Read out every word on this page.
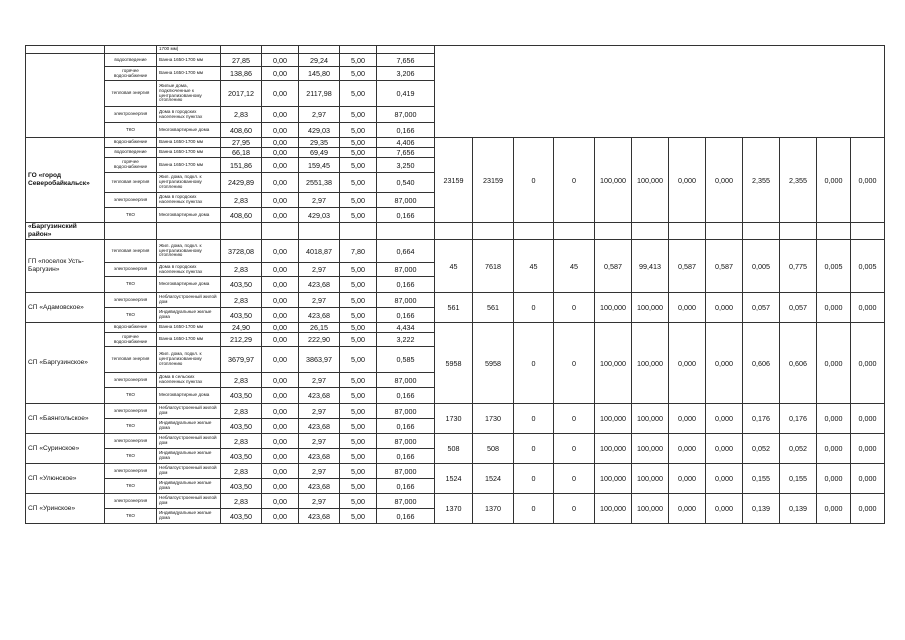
		1700 мм)																	
	водоотведение	Ванна 1650-1700 мм	27,85	0,00	29,24	5,00	7,656												
	горячее водоснабжение	Ванна 1650-1700 мм	138,86	0,00	145,80	5,00	3,206												
	тепловая энергия	Жилые дома, подключенные к централизованному отоплению	2017,12	0,00	2117,98	5,00	0,419												
	электроэнергия	Дома в городских населенных пунктах	2,83	0,00	2,97	5,00	87,000												
	ТКО	Многоквартирные дома	408,60	0,00	429,03	5,00	0,166												
ГО «город Северобайкальск»	водоснабжение	Ванна 1650-1700 мм	27,95	0,00	29,35	5,00	4,406	23159	23159	0	0	100,000	100,000	0,000	0,000	2,355	2,355	0,000	0,000
	водоотведение	Ванна 1650-1700 мм	66,18	0,00	69,49	5,00	7,656												
	горячее водоснабжение	Ванна 1650-1700 мм	151,86	0,00	159,45	5,00	3,250												
	тепловая энергия	Жил. дома, подкл. к централизованному отоплению	2429,89	0,00	2551,38	5,00	0,540												
	электроэнергия	Дома в городских населенных пунктах	2,83	0,00	2,97	5,00	87,000												
	ТКО	Многоквартирные дома	408,60	0,00	429,03	5,00	0,166												
«Баргузинский район»																			
ГП «поселок Усть-Баргузин»	тепловая энергия	Жил. дома, подкл. к централизованному отоплению	3728,08	0,00	4018,87	7,80	0,664	45	7618	45	45	0,587	99,413	0,587	0,587	0,005	0,775	0,005	0,005
	электроэнергия	Дома в городских населенных пунктах	2,83	0,00	2,97	5,00	87,000												
	ТКО	Многоквартирные дома	403,50	0,00	423,68	5,00	0,166												
СП «Адамовское»	электроэнергия	Неблагоустроенный жилой дом	2,83	0,00	2,97	5,00	87,000	561	561	0	0	100,000	100,000	0,000	0,000	0,057	0,057	0,000	0,000
	ТКО	Индивидуальные жилые дома	403,50	0,00	423,68	5,00	0,166												
СП «Баргузинское»	водоснабжение	Ванна 1650-1700 мм	24,90	0,00	26,15	5,00	4,434	5958	5958	0	0	100,000	100,000	0,000	0,000	0,606	0,606	0,000	0,000
	горячее водоснабжение	Ванна 1650-1700 мм	212,29	0,00	222,90	5,00	3,222												
	тепловая энергия	Жил. дома, подкл. к централизованному отоплению	3679,97	0,00	3863,97	5,00	0,585												
	электроэнергия	Дома в сельских населенных пунктах	2,83	0,00	2,97	5,00	87,000												
	ТКО	Многоквартирные дома	403,50	0,00	423,68	5,00	0,166												
СП «Баянгольское»	электроэнергия	Неблагоустроенный жилой дом	2,83	0,00	2,97	5,00	87,000	1730	1730	0	0	100,000	100,000	0,000	0,000	0,176	0,176	0,000	0,000
	ТКО	Индивидуальные жилые дома	403,50	0,00	423,68	5,00	0,166												
СП «Суринское»	электроэнергия	Неблагоустроенный жилой дом	2,83	0,00	2,97	5,00	87,000	508	508	0	0	100,000	100,000	0,000	0,000	0,052	0,052	0,000	0,000
	ТКО	Индивидуальные жилые дома	403,50	0,00	423,68	5,00	0,166												
СП «Улюнское»	электроэнергия	Неблагоустроенный жилой дом	2,83	0,00	2,97	5,00	87,000	1524	1524	0	0	100,000	100,000	0,000	0,000	0,155	0,155	0,000	0,000
	ТКО	Индивидуальные жилые дома	403,50	0,00	423,68	5,00	0,166												
СП «Уринское»	электроэнергия	Неблагоустроенный жилой дом	2,83	0,00	2,97	5,00	87,000	1370	1370	0	0	100,000	100,000	0,000	0,000	0,139	0,139	0,000	0,000
	ТКО	Индивидуальные жилые дома	403,50	0,00	423,68	5,00	0,166												
